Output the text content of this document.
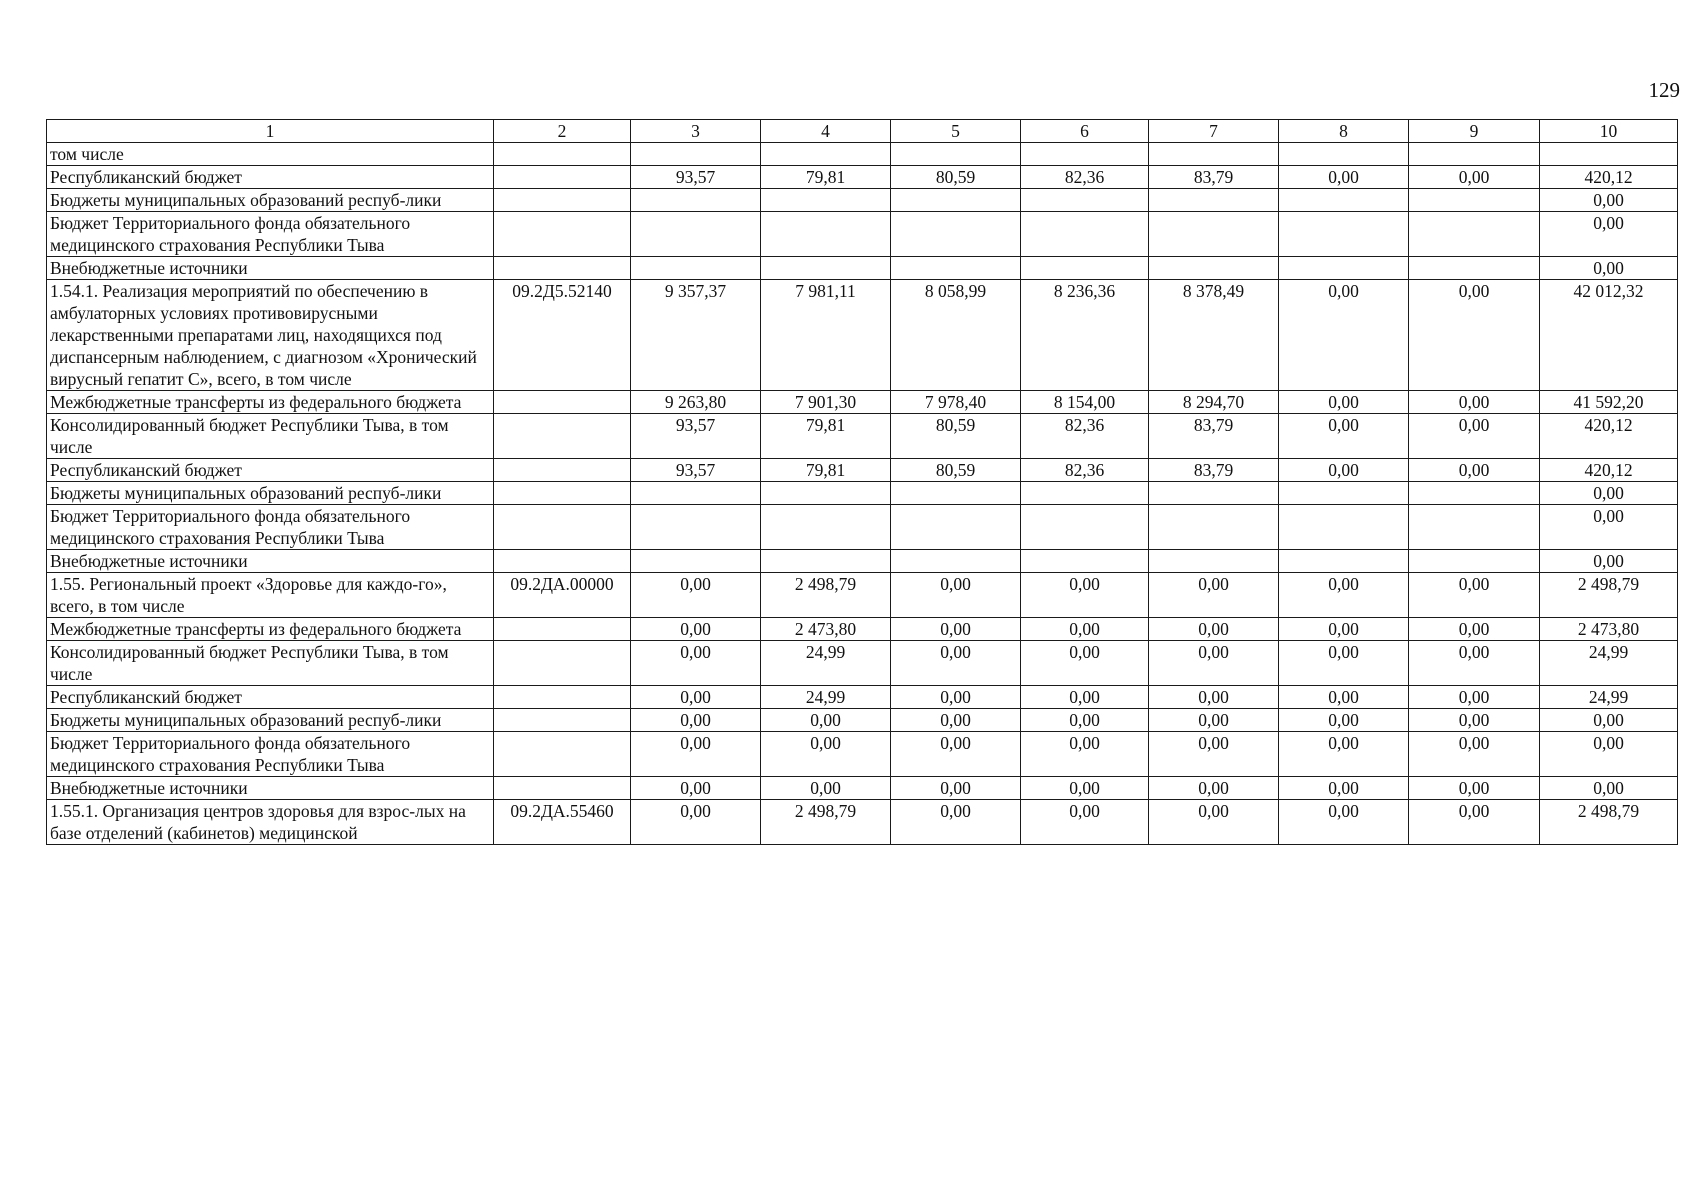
129
1	2	3	4	5	6	7	8	9	10
том числе									
Республиканский бюджет		93,57	79,81	80,59	82,36	83,79	0,00	0,00	420,12
Бюджеты муниципальных образований респуб-лики									0,00
Бюджет Территориального фонда обязательного медицинского страхования Республики Тыва									0,00
Внебюджетные источники									0,00
1.54.1. Реализация мероприятий по обеспечению в амбулаторных условиях противовирусными лекарственными препаратами лиц, находящихся под диспансерным наблюдением, с диагнозом «Хронический вирусный гепатит С», всего, в том числе	09.2Д5.52140	9 357,37	7 981,11	8 058,99	8 236,36	8 378,49	0,00	0,00	42 012,32
Межбюджетные трансферты из федерального бюджета		9 263,80	7 901,30	7 978,40	8 154,00	8 294,70	0,00	0,00	41 592,20
Консолидированный бюджет Республики Тыва, в том числе		93,57	79,81	80,59	82,36	83,79	0,00	0,00	420,12
Республиканский бюджет		93,57	79,81	80,59	82,36	83,79	0,00	0,00	420,12
Бюджеты муниципальных образований респуб-лики									0,00
Бюджет Территориального фонда обязательного медицинского страхования Республики Тыва									0,00
Внебюджетные источники									0,00
1.55. Региональный проект «Здоровье для каждо-го», всего, в том числе	09.2ДА.00000	0,00	2 498,79	0,00	0,00	0,00	0,00	0,00	2 498,79
Межбюджетные трансферты из федерального бюджета		0,00	2 473,80	0,00	0,00	0,00	0,00	0,00	2 473,80
Консолидированный бюджет Республики Тыва, в том числе		0,00	24,99	0,00	0,00	0,00	0,00	0,00	24,99
Республиканский бюджет		0,00	24,99	0,00	0,00	0,00	0,00	0,00	24,99
Бюджеты муниципальных образований респуб-лики		0,00	0,00	0,00	0,00	0,00	0,00	0,00	0,00
Бюджет Территориального фонда обязательного медицинского страхования Республики Тыва		0,00	0,00	0,00	0,00	0,00	0,00	0,00	0,00
Внебюджетные источники		0,00	0,00	0,00	0,00	0,00	0,00	0,00	0,00
1.55.1. Организация центров здоровья для взрос-лых на базе отделений (кабинетов) медицинской	09.2ДА.55460	0,00	2 498,79	0,00	0,00	0,00	0,00	0,00	2 498,79
